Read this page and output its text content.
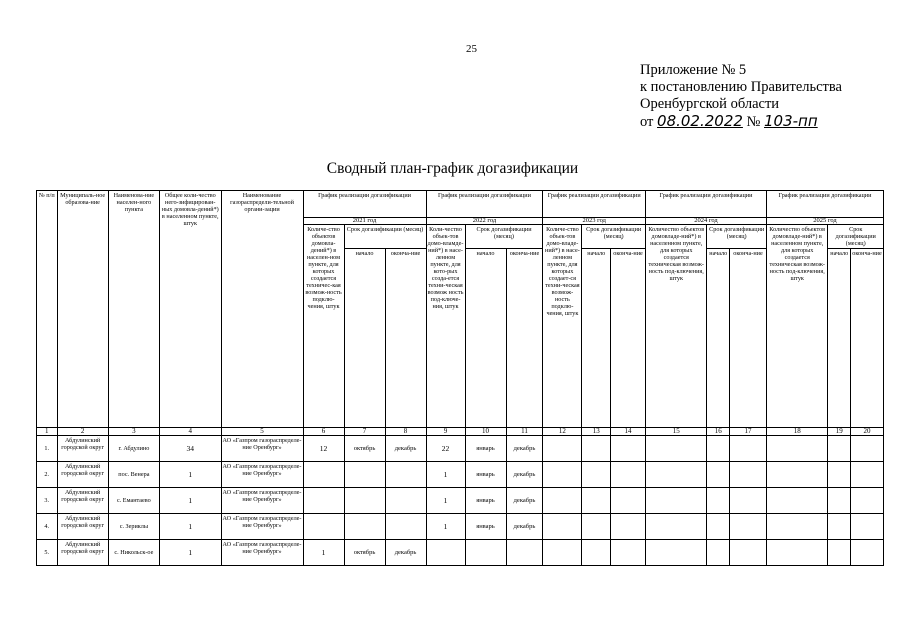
25
Приложение № 5
к постановлению Правительства
Оренбургской области
от 08.02.2022 № 103-пп
Сводный план-график догазификации
№ п/п	Муниципаль-ное образова-ние	Наименова-ние населен-ного пункта	Общее коли-чество него-зифицирован-ных домовла-дений*) в населенном пункте, штук	Наименование газораспредели-тельной органи-зации	График реализации догазификации			График реализации догазификации			График реализации догазификации			График реализации догазификации			График реализации догазификации		
					2021 год			2022 год			2023 год			2024 год			2025 год		
					Количе-ство объектов домовла-дений*) в населен-ном пункте, для которых создается техничес-кая возмож-ность подклю-чения, штук	Срок догазификации (месяц)		Коли-чество объек-тов домо-вламде-ний*) в насе-ленном пункте, для кото-рых созда-ется техни-ческая возмож ность под-ключе-ния, штук	Срок догазификации (месяц)		Количе-ство объек-тов домо-владе-ний*) в насе-ленном пункте, для которых создает-ся техни-ческая возмож-ность подклю-чения, штук	Срок догазификации (месяц)		Количество объектов домовладе-ний*) в населенном пункте, для которых создается техническая возмож-ность под-ключения, штук	Срок догазификации (месяц)		Количество объектов домовладе-ний*) в населенном пункте, для которых создается техническая возмож-ность под-ключения, штук	Срок догазификации (месяц)	
						начало	оконча-ние		начало	оконча-ние		начало	оконча-ние		начало	оконча-ние		начало	оконча-ние
1	2	3	4	5	6	7	8	9	10	11	12	13	14	15	16	17	18	19	20
1.	Абдулинский городской округ	г. Абдулино	34	АО «Газпром газораспределе-ние Оренбург»	12	октябрь	декабрь	22	январь	декабрь									
2.	Абдулинский городской округ	пос. Венера	1	АО «Газпром газораспределе-ние Оренбург»				1	январь	декабрь									
3.	Абдулинский городской округ	с. Емантаево	1	АО «Газпром газораспределе-ние Оренбург»				1	январь	декабрь									
4.	Абдулинский городской округ	с. Зериклы	1	АО «Газпром газораспределе-ние Оренбург»				1	январь	декабрь									
5.	Абдулинский городской округ	с. Никольск-ое	1	АО «Газпром газораспределе-ние Оренбург»	1	октябрь	декабрь												
